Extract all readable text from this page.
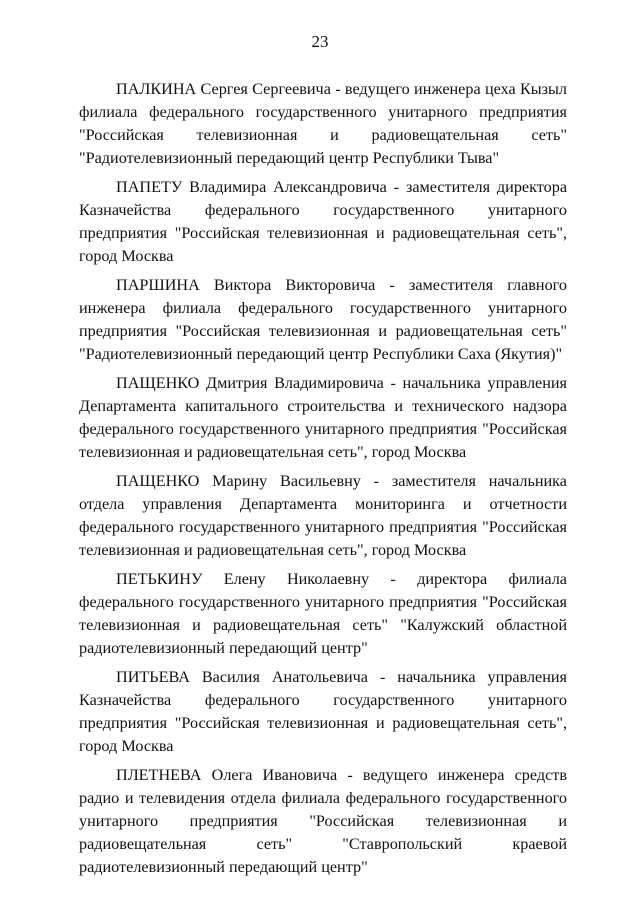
23

ПАЛКИНА Сергея Сергеевича - ведущего инженера цеха Кызыл филиала федерального государственного унитарного предприятия "Российская телевизионная и радиовещательная сеть" "Радиотелевизионный передающий центр Республики Тыва"

ПАПЕТУ Владимира Александровича - заместителя директора Казначейства федерального государственного унитарного предприятия "Российская телевизионная и радиовещательная сеть", город Москва

ПАРШИНА Виктора Викторовича - заместителя главного инженера филиала федерального государственного унитарного предприятия "Российская телевизионная и радиовещательная сеть" "Радиотелевизионный передающий центр Республики Саха (Якутия)"

ПАЩЕНКО Дмитрия Владимировича - начальника управления Департамента капитального строительства и технического надзора федерального государственного унитарного предприятия "Российская телевизионная и радиовещательная сеть", город Москва

ПАЩЕНКО Марину Васильевну - заместителя начальника отдела управления Департамента мониторинга и отчетности федерального государственного унитарного предприятия "Российская телевизионная и радиовещательная сеть", город Москва

ПЕТЬКИНУ Елену Николаевну - директора филиала федерального государственного унитарного предприятия "Российская телевизионная и радиовещательная сеть" "Калужский областной радиотелевизионный передающий центр"

ПИТЬЕВА Василия Анатольевича - начальника управления Казначейства федерального государственного унитарного предприятия "Российская телевизионная и радиовещательная сеть", город Москва

ПЛЕТНЕВА Олега Ивановича - ведущего инженера средств радио и телевидения отдела филиала федерального государственного унитарного предприятия "Российская телевизионная и радиовещательная сеть" "Ставропольский краевой радиотелевизионный передающий центр"
